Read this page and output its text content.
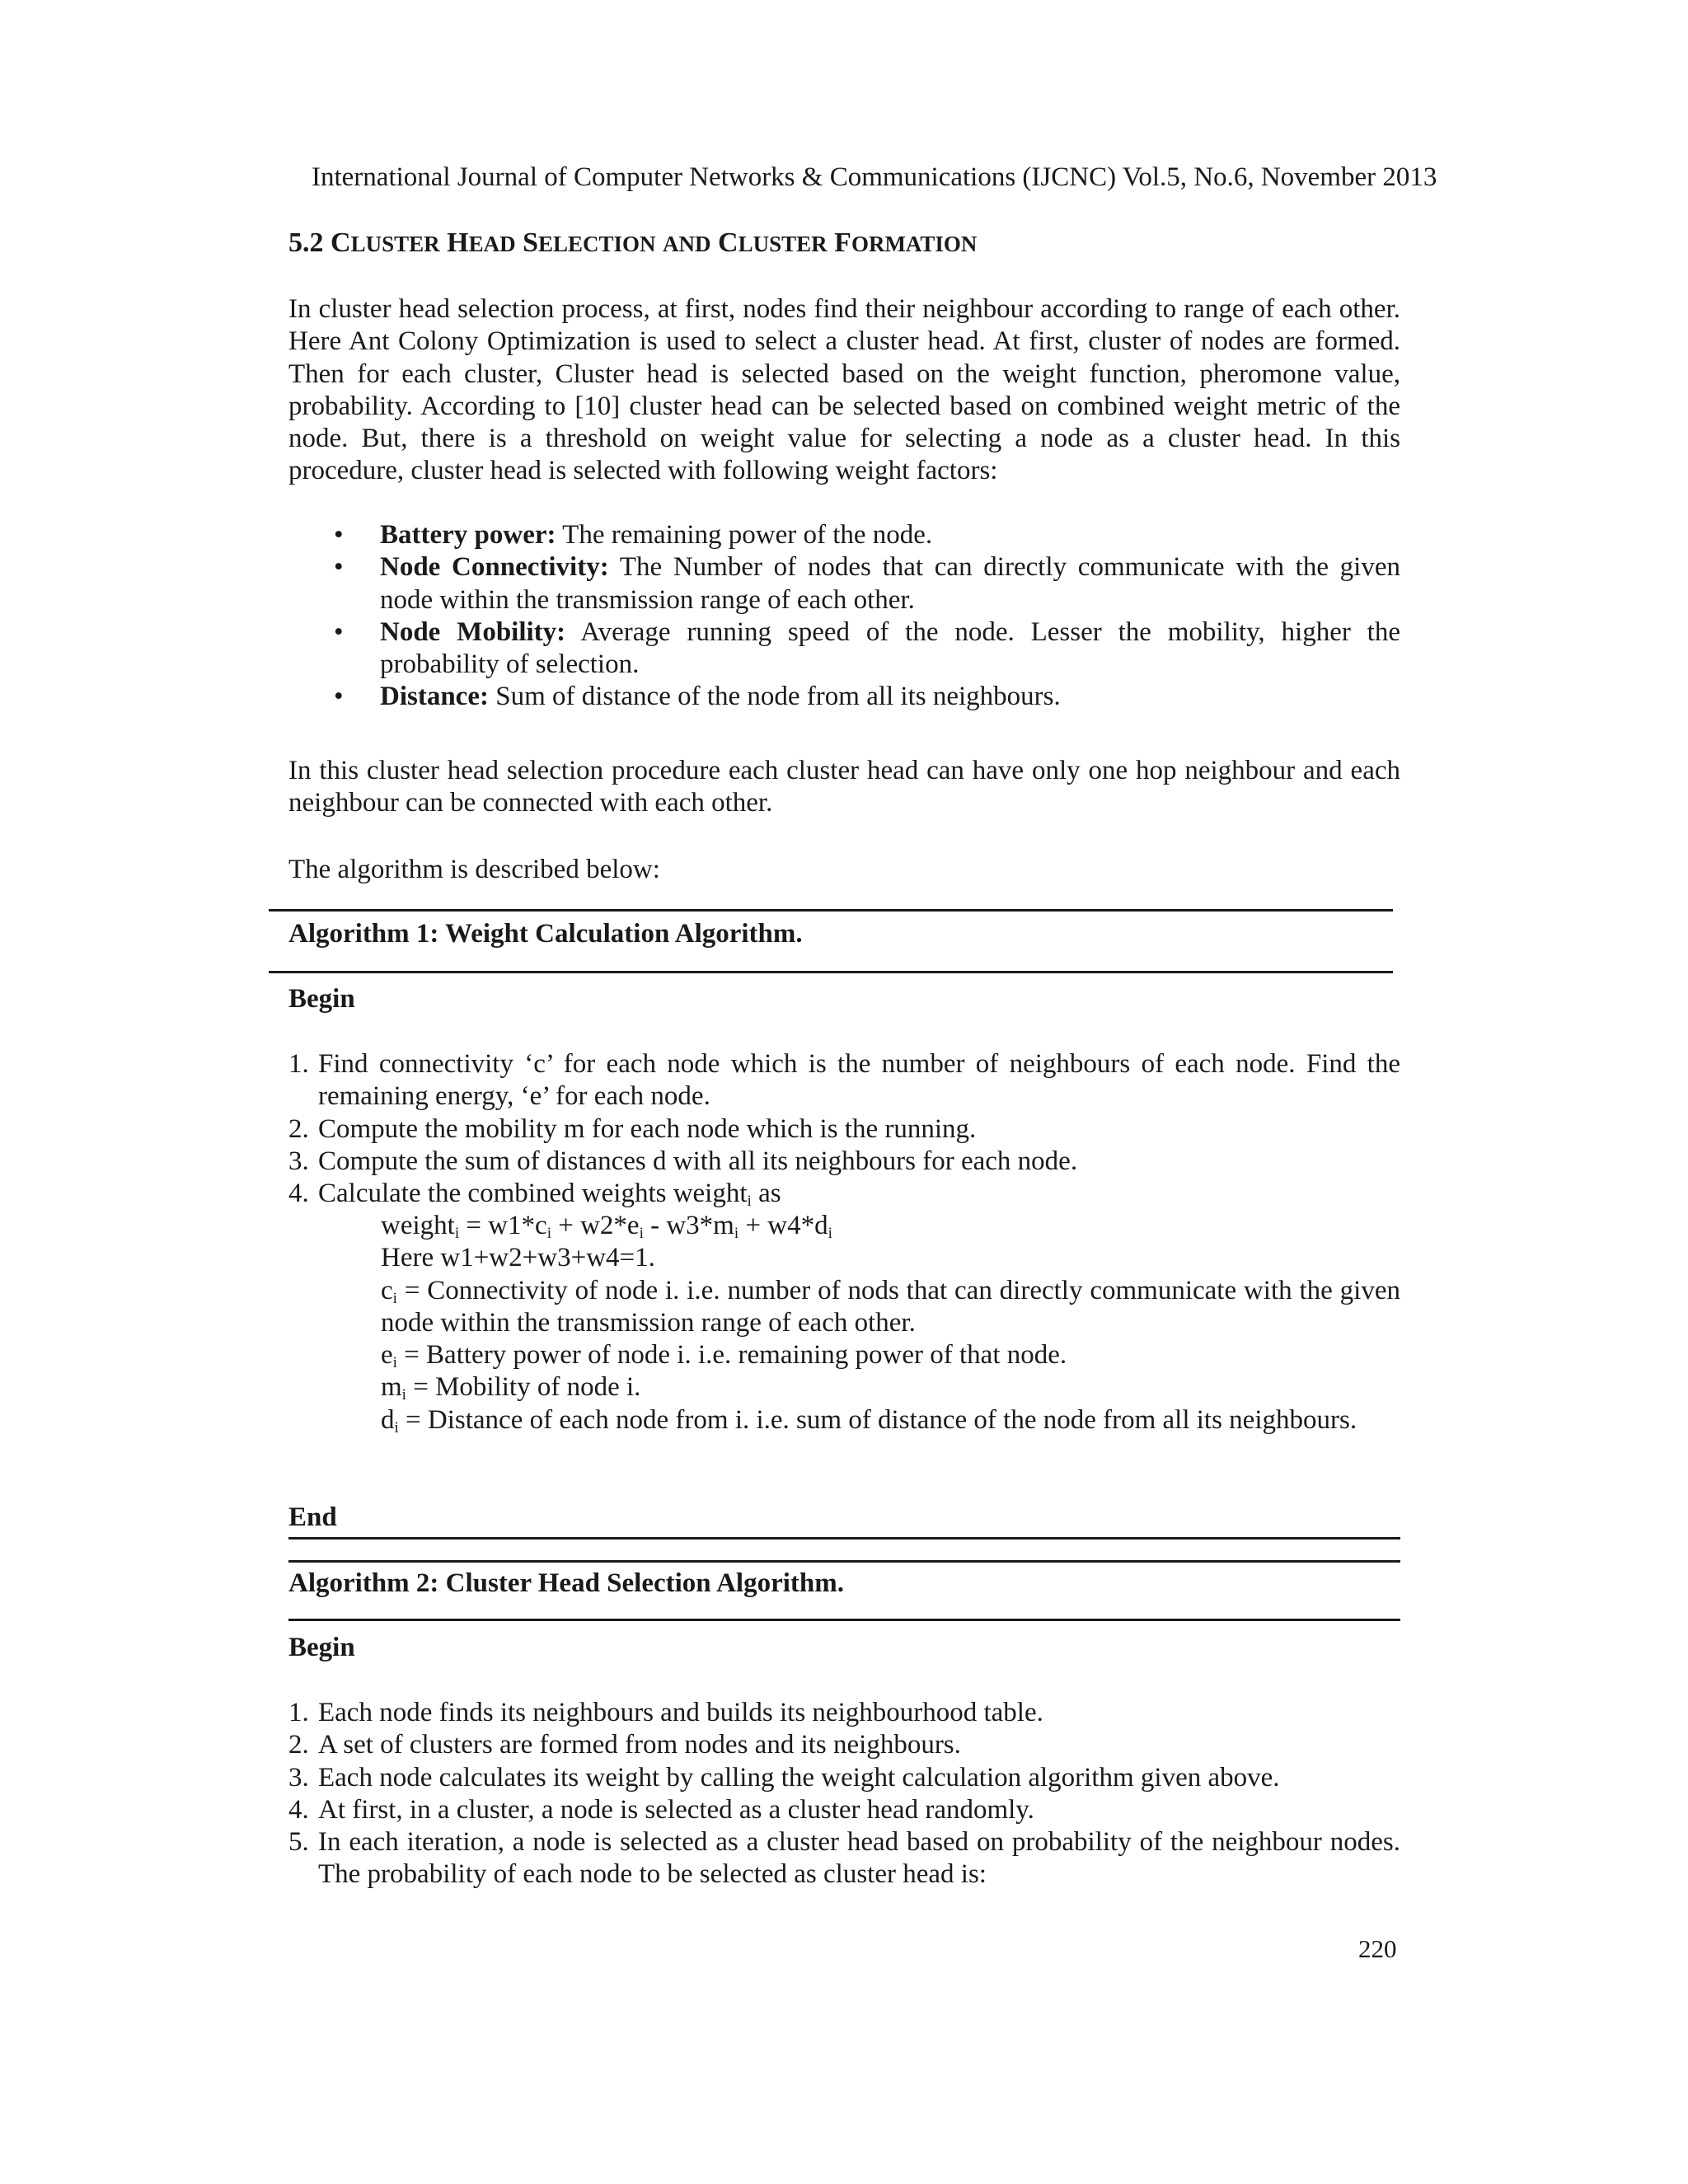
International Journal of Computer Networks & Communications (IJCNC) Vol.5, No.6, November 2013
5.2 CLUSTER HEAD SELECTION AND CLUSTER FORMATION
In cluster head selection process, at first, nodes find their neighbour according to range of each other. Here Ant Colony Optimization is used to select a cluster head. At first, cluster of nodes are formed. Then for each cluster, Cluster head is selected based on the weight function, pheromone value, probability. According to [10] cluster head can be selected based on combined weight metric of the node. But, there is a threshold on weight value for selecting a node as a cluster head. In this procedure, cluster head is selected with following weight factors:
• Battery power: The remaining power of the node.
• Node Connectivity: The Number of nodes that can directly communicate with the given node within the transmission range of each other.
• Node Mobility: Average running speed of the node. Lesser the mobility, higher the probability of selection.
• Distance: Sum of distance of the node from all its neighbours.
In this cluster head selection procedure each cluster head can have only one hop neighbour and each neighbour can be connected with each other.
The algorithm is described below:
Algorithm 1: Weight Calculation Algorithm.
Begin
1. Find connectivity ‘c’ for each node which is the number of neighbours of each node. Find the remaining energy, ‘e’ for each node.
2. Compute the mobility m for each node which is the running.
3. Compute the sum of distances d with all its neighbours for each node.
4. Calculate the combined weights weight$_i$ as
weight$_i$ = $w1*c_i + w2*e_i - w3*m_i + w4*d_i$
Here w1+w2+w3+w4=1.
$c_i$ = Connectivity of node i. i.e. number of nods that can directly communicate with the given node within the transmission range of each other.
$e_i$ = Battery power of node i. i.e. remaining power of that node.
$m_i$ = Mobility of node i.
$d_i$ = Distance of each node from i. i.e. sum of distance of the node from all its neighbours.
End
Algorithm 2: Cluster Head Selection Algorithm.
Begin
1. Each node finds its neighbours and builds its neighbourhood table.
2. A set of clusters are formed from nodes and its neighbours.
3. Each node calculates its weight by calling the weight calculation algorithm given above.
4. At first, in a cluster, a node is selected as a cluster head randomly.
5. In each iteration, a node is selected as a cluster head based on probability of the neighbour nodes. The probability of each node to be selected as cluster head is:
220
